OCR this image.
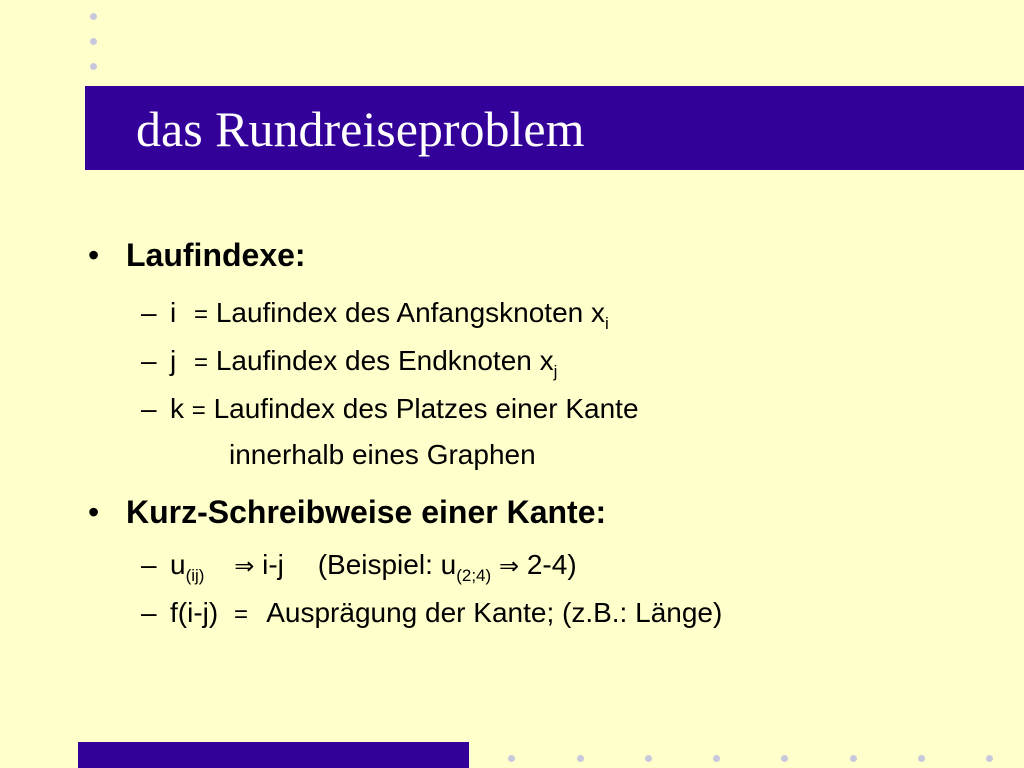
das Rundreiseproblem
• Laufindexe:
– i = Laufindex des Anfangsknoten $x_i$
– j = Laufindex des Endknoten $x_j$
– k = Laufindex des Platzes einer Kante
innerhalb eines Graphen
• Kurz-Schreibweise einer Kante:
– $u_{(ij)}$ ⇒ i-j (Beispiel: $u_{(2;4)}$ ⇒ 2-4)
– f(i-j) = Ausprägung der Kante; (z.B.: Länge)
